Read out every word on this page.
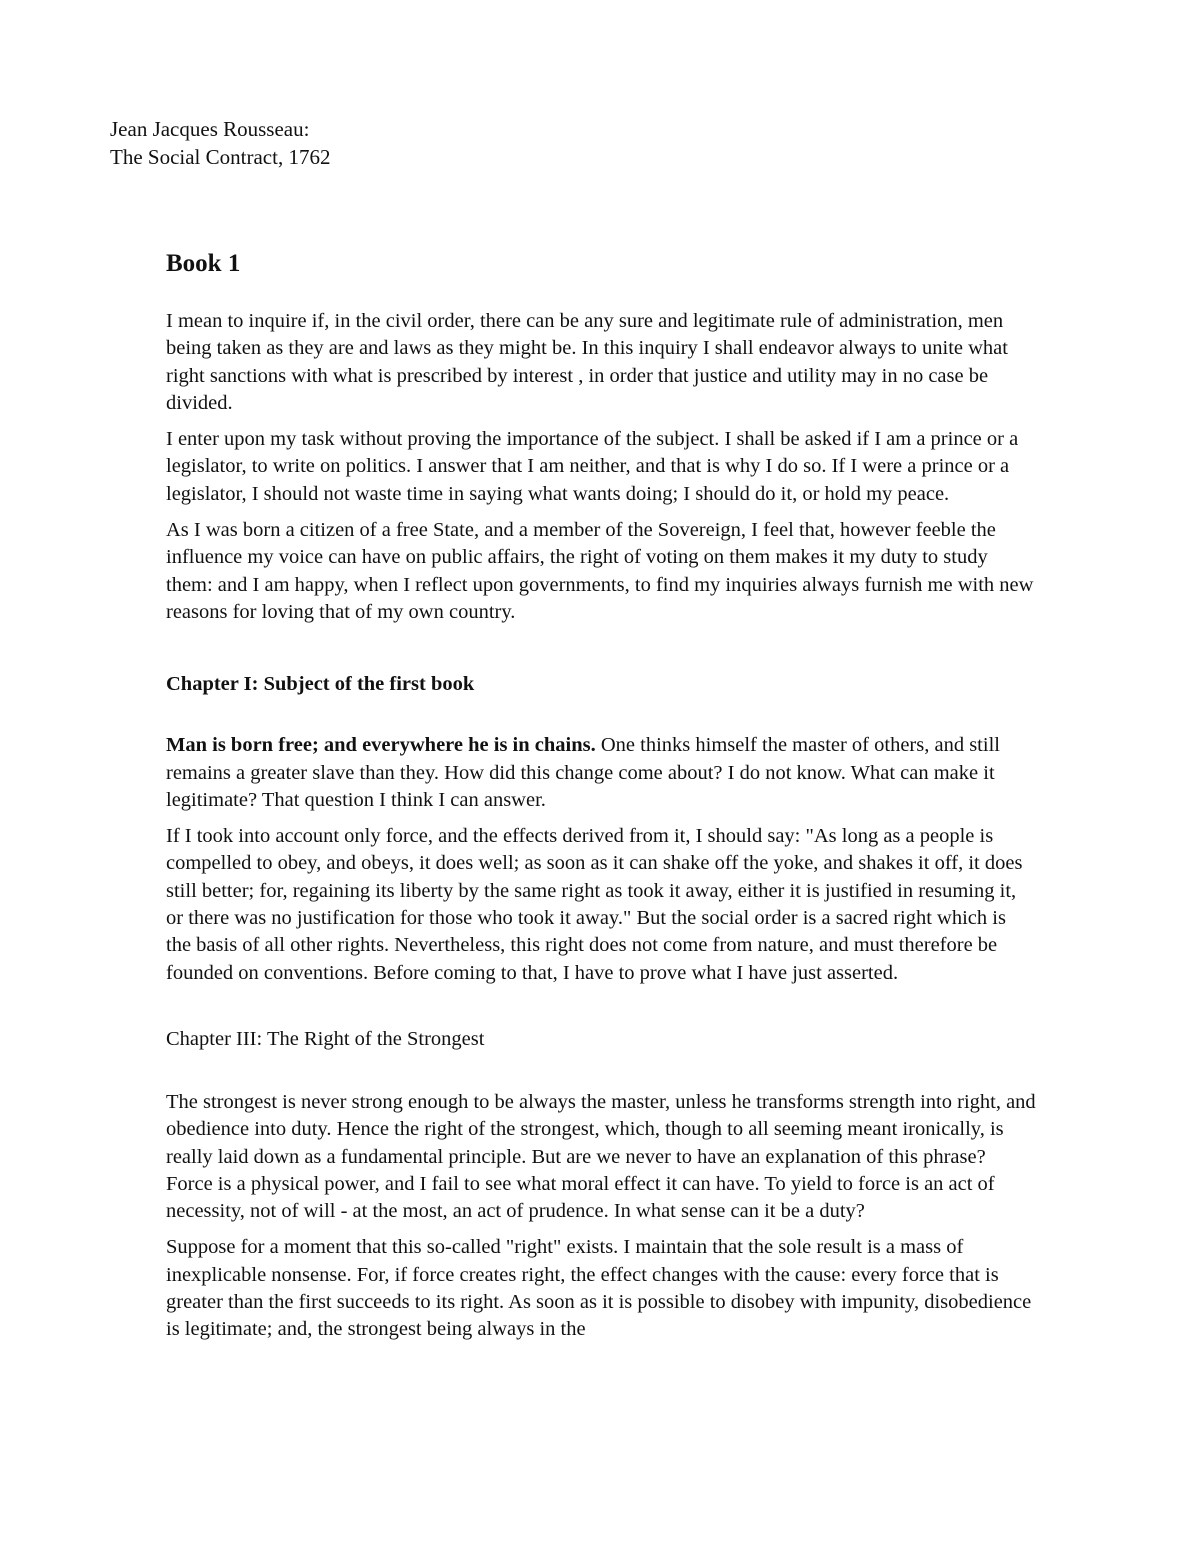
Jean Jacques Rousseau:
The Social Contract, 1762
Book 1

I mean to inquire if, in the civil order, there can be any sure and legitimate rule of administration, men being taken as they are and laws as they might be. In this inquiry I shall endeavor always to unite what right sanctions with what is prescribed by interest , in order that justice and utility may in no case be divided.

I enter upon my task without proving the importance of the subject. I shall be asked if I am a prince or a legislator, to write on politics. I answer that I am neither, and that is why I do so. If I were a prince or a legislator, I should not waste time in saying what wants doing; I should do it, or hold my peace.

As I was born a citizen of a free State, and a member of the Sovereign, I feel that, however feeble the influence my voice can have on public affairs, the right of voting on them makes it my duty to study them: and I am happy, when I reflect upon governments, to find my inquiries always furnish me with new reasons for loving that of my own country.

Chapter I: Subject of the first book

Man is born free; and everywhere he is in chains. One thinks himself the master of others, and still remains a greater slave than they. How did this change come about? I do not know. What can make it legitimate? That question I think I can answer.

If I took into account only force, and the effects derived from it, I should say: "As long as a people is compelled to obey, and obeys, it does well; as soon as it can shake off the yoke, and shakes it off, it does still better; for, regaining its liberty by the same right as took it away, either it is justified in resuming it, or there was no justification for those who took it away." But the social order is a sacred right which is the basis of all other rights. Nevertheless, this right does not come from nature, and must therefore be founded on conventions. Before coming to that, I have to prove what I have just asserted.

Chapter III: The Right of the Strongest

The strongest is never strong enough to be always the master, unless he transforms strength into right, and obedience into duty. Hence the right of the strongest, which, though to all seeming meant ironically, is really laid down as a fundamental principle. But are we never to have an explanation of this phrase? Force is a physical power, and I fail to see what moral effect it can have. To yield to force is an act of necessity, not of will - at the most, an act of prudence. In what sense can it be a duty?

Suppose for a moment that this so-called "right" exists. I maintain that the sole result is a mass of inexplicable nonsense. For, if force creates right, the effect changes with the cause: every force that is greater than the first succeeds to its right. As soon as it is possible to disobey with impunity, disobedience is legitimate; and, the strongest being always in the
